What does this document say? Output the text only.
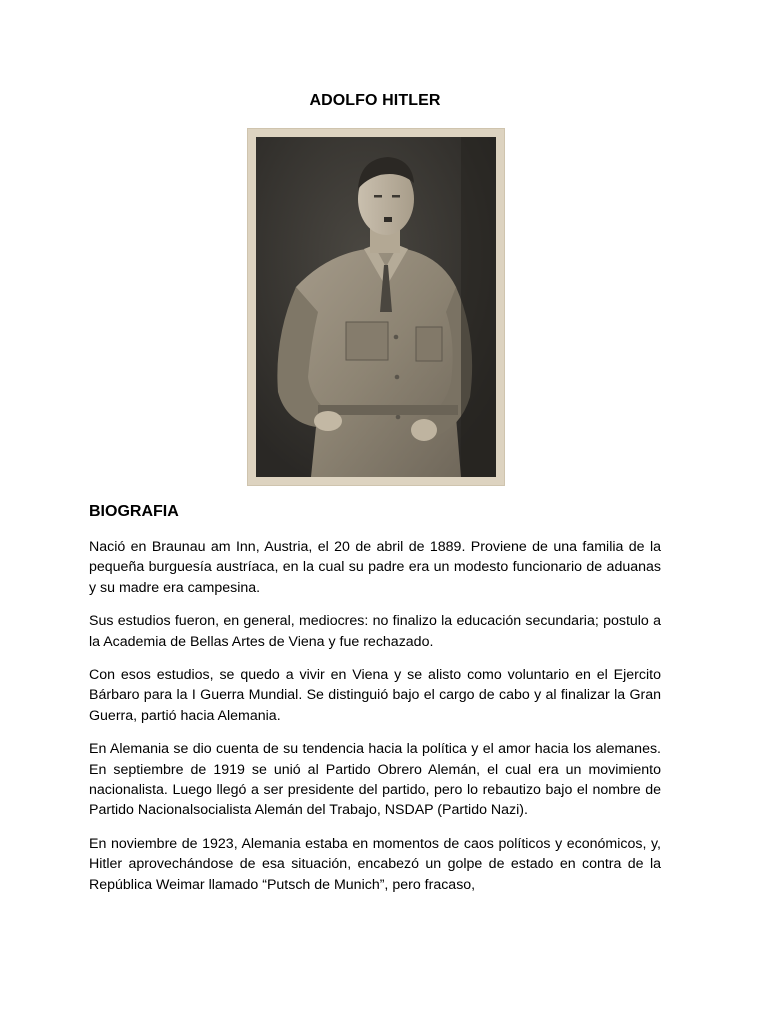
ADOLFO HITLER
BIOGRAFIA

Nació en Braunau am Inn, Austria, el 20 de abril de 1889. Proviene de una familia de la pequeña burguesía austríaca, en la cual su padre era un modesto funcionario de aduanas y su madre era campesina.

Sus estudios fueron, en general, mediocres: no finalizo la educación secundaria; postulo a la Academia de Bellas Artes de Viena y fue rechazado.

Con esos estudios, se quedo a vivir en Viena y se alisto como voluntario en el Ejercito Bárbaro para la I Guerra Mundial. Se distinguió bajo el cargo de cabo y al finalizar la Gran Guerra, partió hacia Alemania.

En Alemania se dio cuenta de su tendencia hacia la política y el amor hacia los alemanes. En septiembre de 1919 se unió al Partido Obrero Alemán, el cual era un movimiento nacionalista. Luego llegó a ser presidente del partido, pero lo rebautizo bajo el nombre de Partido Nacionalsocialista Alemán del Trabajo, NSDAP (Partido Nazi).

En noviembre de 1923, Alemania estaba en momentos de caos políticos y económicos, y, Hitler aprovechándose de esa situación, encabezó un golpe de estado en contra de la República Weimar llamado “Putsch de Munich”, pero fracaso,
